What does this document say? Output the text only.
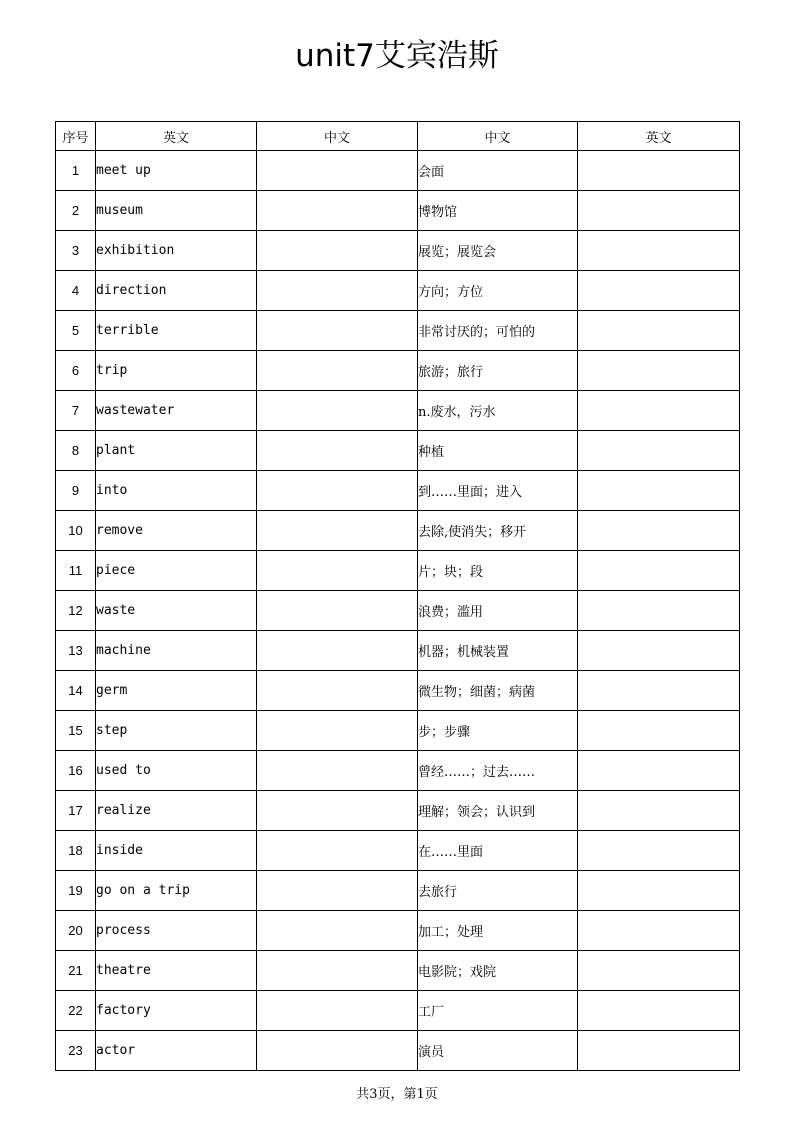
unit7艾宾浩斯
序号	英文	中文	中文	英文
1	meet up		会面	
2	museum		博物馆	
3	exhibition		展览；展览会	
4	direction		方向；方位	
5	terrible		非常讨厌的；可怕的	
6	trip		旅游；旅行	
7	wastewater		n.废水，污水	
8	plant		种植	
9	into		到……里面；进入	
10	remove		去除,使消失；移开	
11	piece		片；块；段	
12	waste		浪费；滥用	
13	machine		机器；机械装置	
14	germ		微生物；细菌；病菌	
15	step		步；步骤	
16	used to		曾经……；过去……	
17	realize		理解；领会；认识到	
18	inside		在……里面	
19	go on a trip		去旅行	
20	process		加工；处理	
21	theatre		电影院；戏院	
22	factory		工厂	
23	actor		演员	
共3页，第1页
